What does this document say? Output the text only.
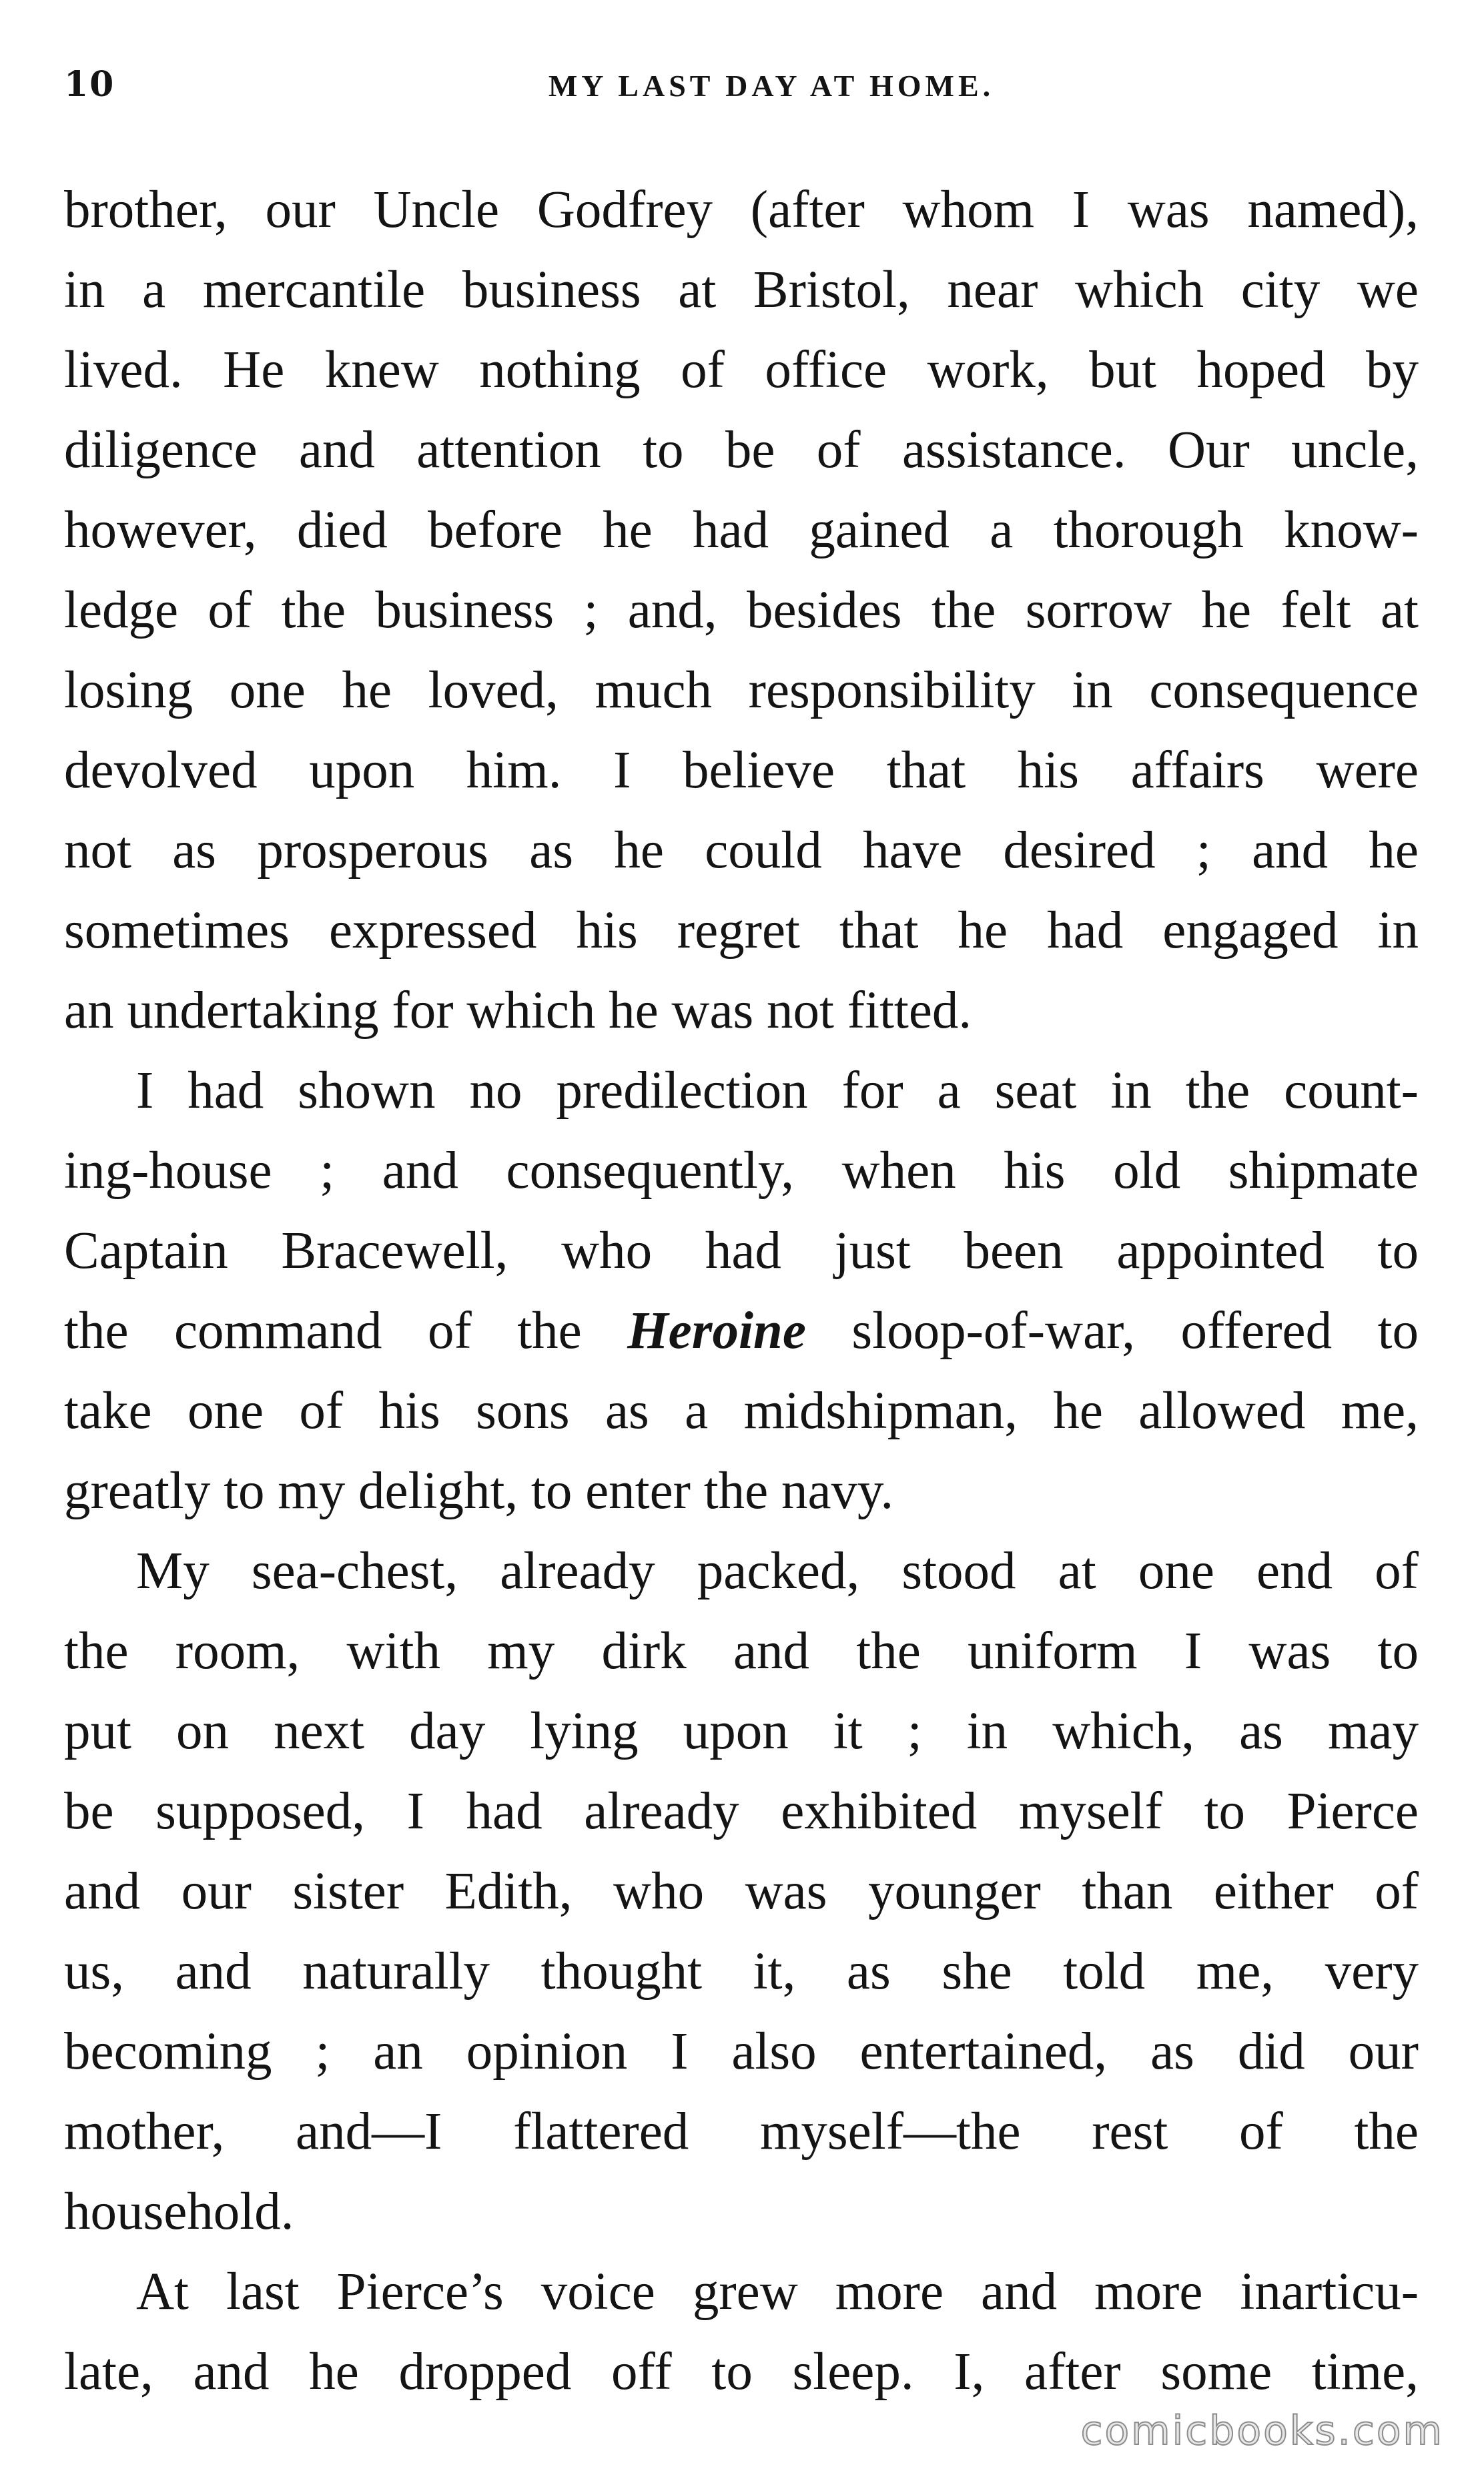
10	MY LAST DAY AT HOME.
brother, our Uncle Godfrey (after whom I was named),
in a mercantile business at Bristol, near which city we
lived. He knew nothing of office work, but hoped by
diligence and attention to be of assistance. Our uncle,
however, died before he had gained a thorough know-
ledge of the business ; and, besides the sorrow he felt at
losing one he loved, much responsibility in consequence
devolved upon him. I believe that his affairs were
not as prosperous as he could have desired ; and he
sometimes expressed his regret that he had engaged in
an undertaking for which he was not fitted.
I had shown no predilection for a seat in the count-
ing-house ; and consequently, when his old shipmate
Captain Bracewell, who had just been appointed to
the command of the Heroine sloop-of-war, offered to
take one of his sons as a midshipman, he allowed me,
greatly to my delight, to enter the navy.
My sea-chest, already packed, stood at one end of
the room, with my dirk and the uniform I was to
put on next day lying upon it ; in which, as may
be supposed, I had already exhibited myself to Pierce
and our sister Edith, who was younger than either of
us, and naturally thought it, as she told me, very
becoming ; an opinion I also entertained, as did our
mother, and—I flattered myself—the rest of the
household.
At last Pierce’s voice grew more and more inarticu-
late, and he dropped off to sleep. I, after some time,
comicbooks.com
